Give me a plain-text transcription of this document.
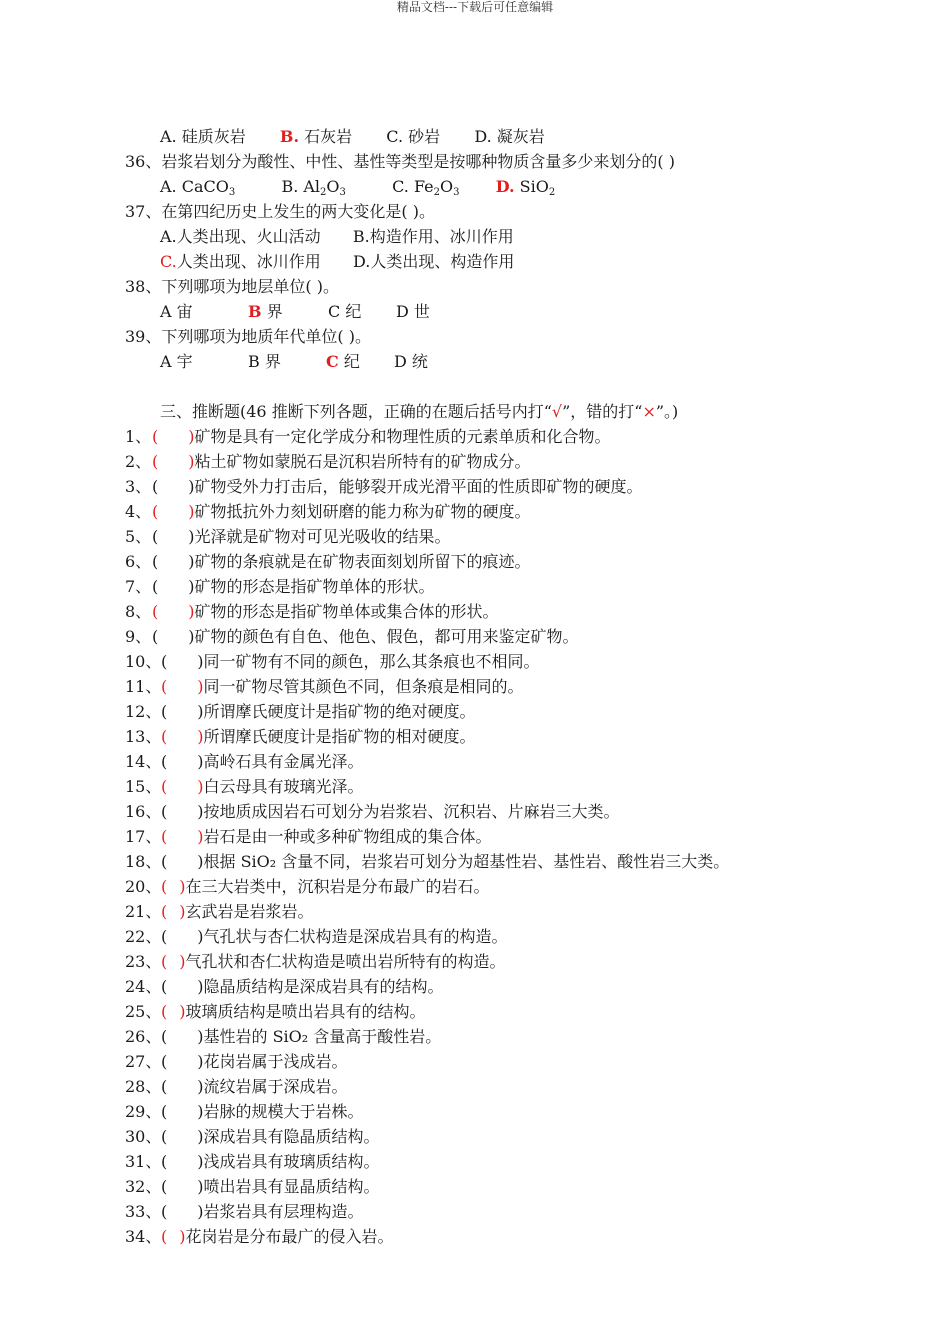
精品文档---下载后可任意编辑
A. 硅质灰岩 B. 石灰岩 C. 砂岩 D. 凝灰岩
36、岩浆岩划分为酸性、中性、基性等类型是按哪种物质含量多少来划分的( )
A. CaCO$_3$	B. $Al_2O_3$	C. $Fe_2O_3$ D. SiO$_2$
37、在第四纪历史上发生的两大变化是( )。
A.人类出现、火山活动 B.构造作用、冰川作用
C.人类出现、冰川作用 D.人类出现、构造作用
38、下列哪项为地层单位( )。
A 宙	B 界	C 纪 D 世
39、下列哪项为地质年代单位( )。
A 宇	B 界	C 纪 D 统
三、推断题(46 推断下列各题，正确的在题后括号内打“√”，错的打“×”。)
1、( )矿物是具有一定化学成分和物理性质的元素单质和化合物。
2、( )粘土矿物如蒙脱石是沉积岩所特有的矿物成分。
3、( )矿物受外力打击后，能够裂开成光滑平面的性质即矿物的硬度。
4、( )矿物抵抗外力刻划研磨的能力称为矿物的硬度。
5、( )光泽就是矿物对可见光吸收的结果。
6、( )矿物的条痕就是在矿物表面刻划所留下的痕迹。
7、( )矿物的形态是指矿物单体的形状。
8、( )矿物的形态是指矿物单体或集合体的形状。
9、( )矿物的颜色有自色、他色、假色，都可用来鉴定矿物。
10、( )同一矿物有不同的颜色，那么其条痕也不相同。
11、( )同一矿物尽管其颜色不同，但条痕是相同的。
12、( )所谓摩氏硬度计是指矿物的绝对硬度。
13、( )所谓摩氏硬度计是指矿物的相对硬度。
14、( )高岭石具有金属光泽。
15、( )白云母具有玻璃光泽。
16、( )按地质成因岩石可划分为岩浆岩、沉积岩、片麻岩三大类。
17、( )岩石是由一种或多种矿物组成的集合体。
18、( )根据 SiO₂ 含量不同，岩浆岩可划分为超基性岩、基性岩、酸性岩三大类。
20、( )在三大岩类中，沉积岩是分布最广的岩石。
21、( )玄武岩是岩浆岩。
22、( )气孔状与杏仁状构造是深成岩具有的构造。
23、( )气孔状和杏仁状构造是喷出岩所特有的构造。
24、( )隐晶质结构是深成岩具有的结构。
25、( )玻璃质结构是喷出岩具有的结构。
26、( )基性岩的 SiO₂ 含量高于酸性岩。
27、( )花岗岩属于浅成岩。
28、( )流纹岩属于深成岩。
29、( )岩脉的规模大于岩株。
30、( )深成岩具有隐晶质结构。
31、( )浅成岩具有玻璃质结构。
32、( )喷出岩具有显晶质结构。
33、( )岩浆岩具有层理构造。
34、( )花岗岩是分布最广的侵入岩。
